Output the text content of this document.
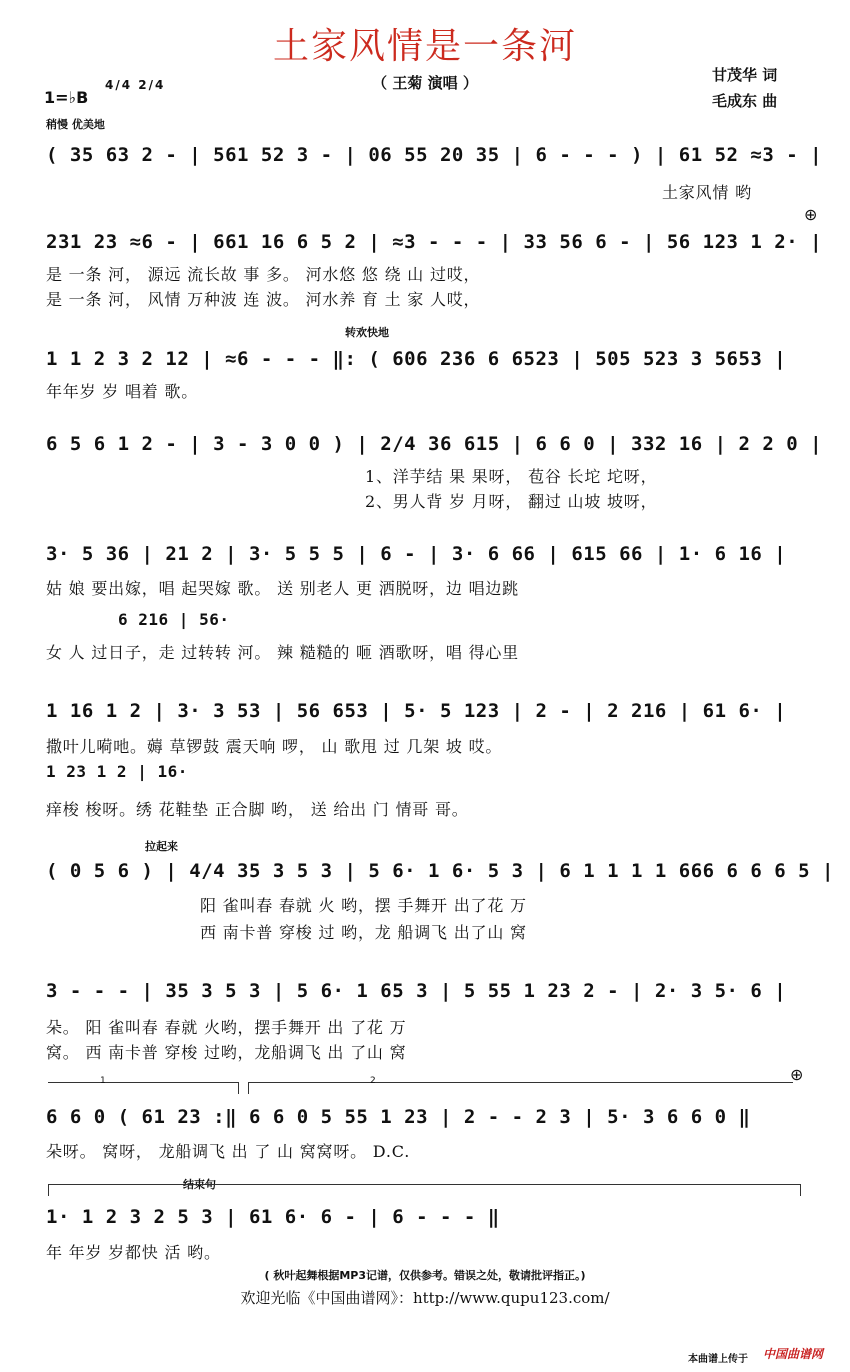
土家风情是一条河
（ 王菊 演唱 ）	甘茂华 词
毛成东 曲
1=♭B
4/4 2/4
稍慢 优美地
( 35 63 2 - | 561 52 3 - | 06 55 20 35 | 6 - - - ) | 61 52 ≈3 - |
土家风情 哟
⊕
231 23 ≈6 - | 661 16 6 5 2 | ≈3 - - - | 33 56 6 - | 56 123 1 2· |
是 一条 河， 源远 流长故 事 多。 河水悠 悠 绕 山 过哎，
是 一条 河， 风情 万种波 连 波。 河水养 育 土 家 人哎，
转欢快地
1 1 2 3 2 12 | ≈6 - - - ‖: ( 606 236 6 6523 | 505 523 3 5653 |
年年岁 岁 唱着 歌。
6 5 6 1 2 - | 3 - 3 0 0 ) | 2/4 36 615 | 6 6 0 | 332 16 | 2 2 0 |
1、洋芋结 果 果呀， 苞谷 长坨 坨呀，
2、男人背 岁 月呀， 翻过 山坡 坡呀，
3· 5 36 | 21 2 | 3· 5 5 5 | 6 - | 3· 6 66 | 615 66 | 1· 6 16 |
姑 娘 要出嫁，唱 起哭嫁 歌。 送 别老人 更 洒脱呀，边 唱边跳
6 216 | 56·
女 人 过日子，走 过转转 河。 辣 糙糙的 咂 酒歌呀，唱 得心里
1 16 1 2 | 3· 3 53 | 56 653 | 5· 5 123 | 2 - | 2 216 | 61 6· |
撒叶儿嗬吔。薅 草锣鼓 震天响 啰， 山 歌甩 过 几架 坡 哎。
1 23 1 2 | 16·
痒梭 梭呀。绣 花鞋垫 正合脚 哟， 送 给出 门 情哥 哥。
拉起来
( 0 5 6 ) | 4/4 35 3 5 3 | 5 6· 1 6· 5 3 | 6 1 1 1 1 666 6 6 6 5 |
阳 雀叫春 春就 火 哟，摆 手舞开 出了花 万
西 南卡普 穿梭 过 哟，龙 船调飞 出了山 窝
3 - - - | 35 3 5 3 | 5 6· 1 65 3 | 5 55 1 23 2 - | 2· 3 5· 6 |
朵。 阳 雀叫春 春就 火哟，摆手舞开 出 了花 万
窝。 西 南卡普 穿梭 过哟，龙船调飞 出 了山 窝
1	2	⊕
6 6 0 ( 61 23 :‖ 6 6 0 5 55 1 23 | 2 - - 2 3 | 5· 3 6 6 0 ‖
朵呀。 窝呀， 龙船调飞 出 了 山 窝窝呀。 D.C.
结束句
1· 1 2 3 2 5 3 | 61 6· 6 - | 6 - - - ‖
年 年岁 岁都快 活 哟。
( 秋叶起舞根据MP3记谱，仅供参考。错误之处，敬请批评指正。)
欢迎光临《中国曲谱网》：http://www.qupu123.com/
本曲谱上传于 中国曲谱网
